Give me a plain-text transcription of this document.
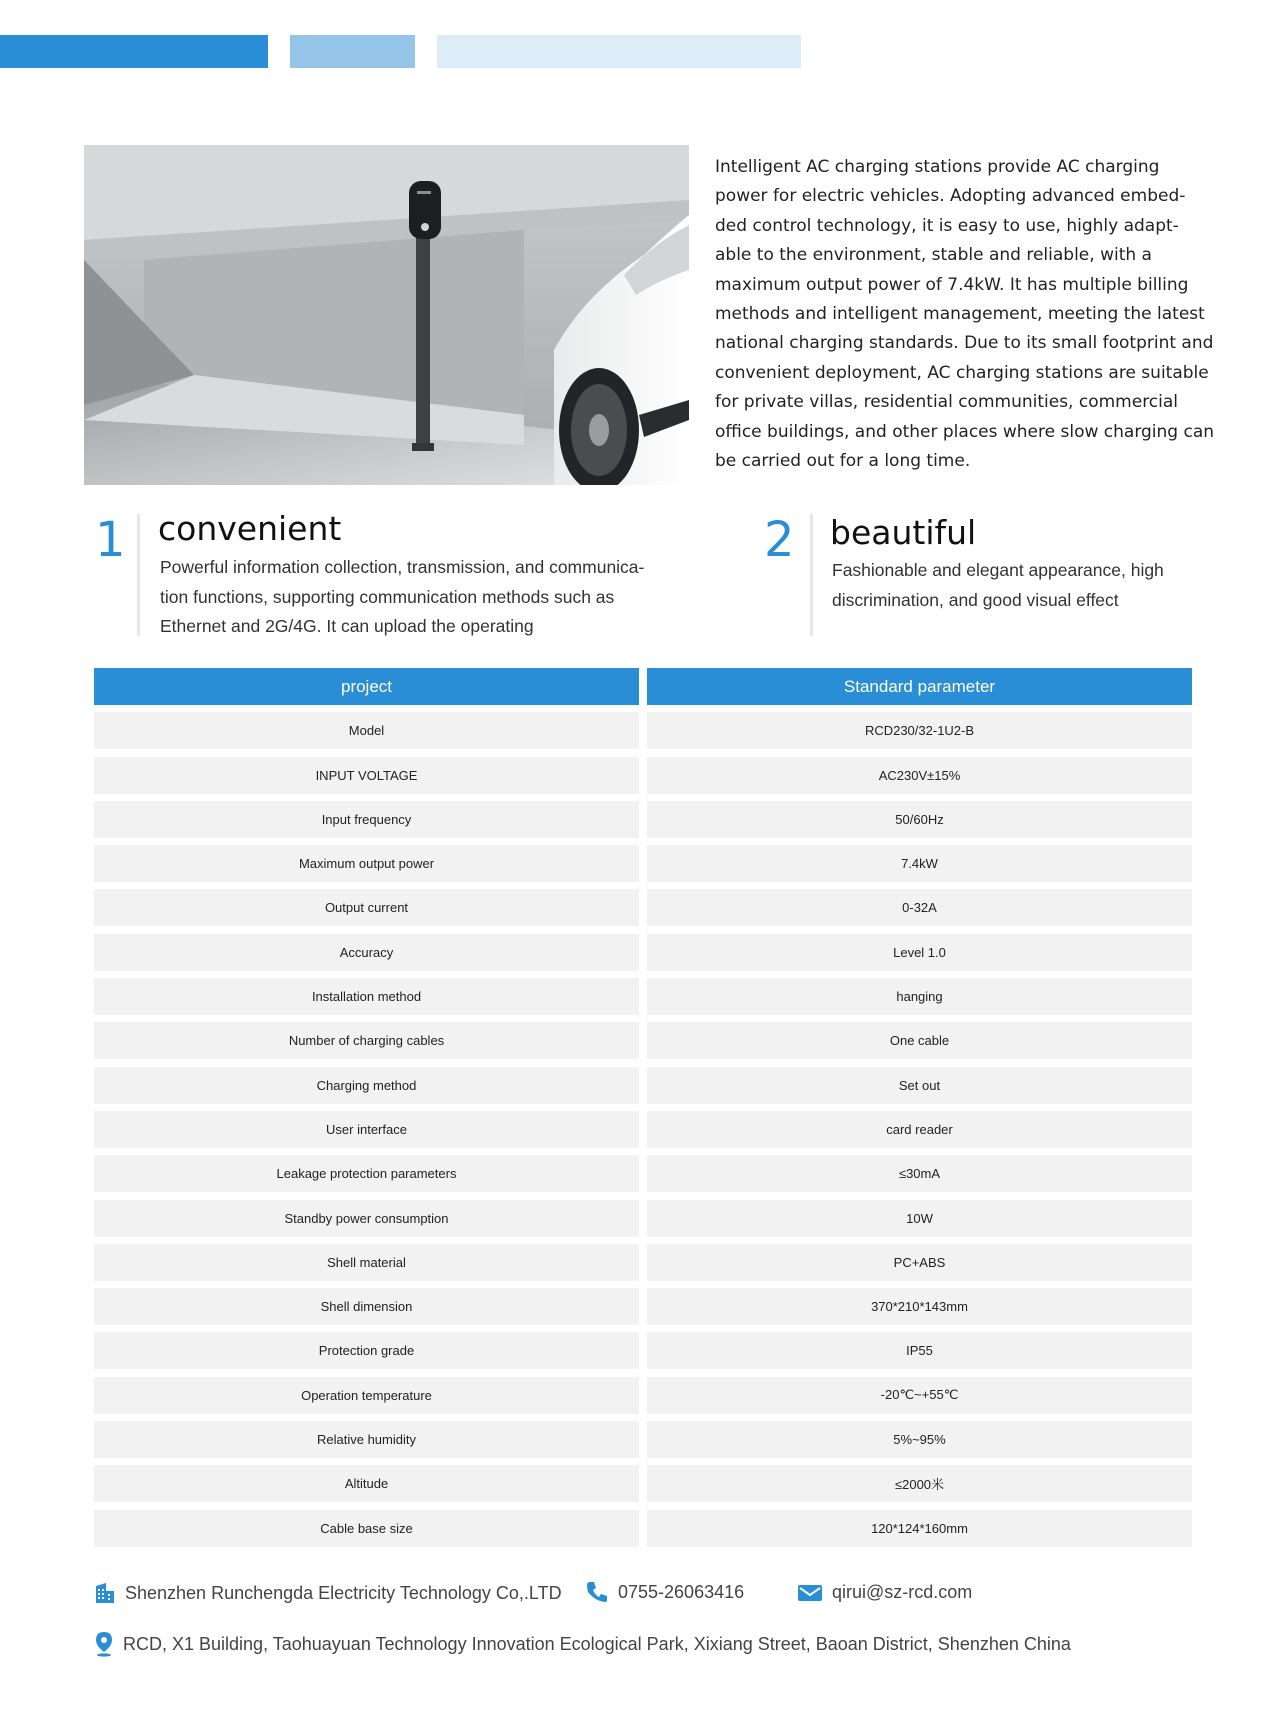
Intelligent AC charging stations provide AC charging power for electric vehicles. Adopting advanced embed- ded control technology, it is easy to use, highly adapt- able to the environment, stable and reliable, with a maximum output power of 7.4kW. It has multiple billing methods and intelligent management, meeting the latest national charging standards. Due to its small footprint and convenient deployment, AC charging stations are suitable for private villas, residential communities, commercial office buildings, and other places where slow charging can be carried out for a long time.

1 convenient
Powerful information collection, transmission, and communica- tion functions, supporting communication methods such as Ethernet and 2G/4G. It can upload the operating
2 beautiful
Fashionable and elegant appearance, high discrimination, and good visual effect
project	Standard parameter
Model	RCD230/32-1U2-B
INPUT VOLTAGE	AC230V±15%
Input frequency	50/60Hz
Maximum output power	7.4kW
Output current	0-32A
Accuracy	Level 1.0
Installation method	hanging
Number of charging cables	One cable
Charging method	Set out
User interface	card reader
Leakage protection parameters	≤30mA
Standby power consumption	10W
Shell material	PC+ABS
Shell dimension	370*210*143mm
Protection grade	IP55
Operation temperature	-20℃~+55℃
Relative humidity	5%~95%
Altitude	≤2000米
Cable base size	120*124*160mm
Shenzhen Runchengda Electricity Technology Co,.LTD	0755-26063416	qirui@sz-rcd.com
RCD, X1 Building, Taohuayuan Technology Innovation Ecological Park, Xixiang Street, Baoan District, Shenzhen China
